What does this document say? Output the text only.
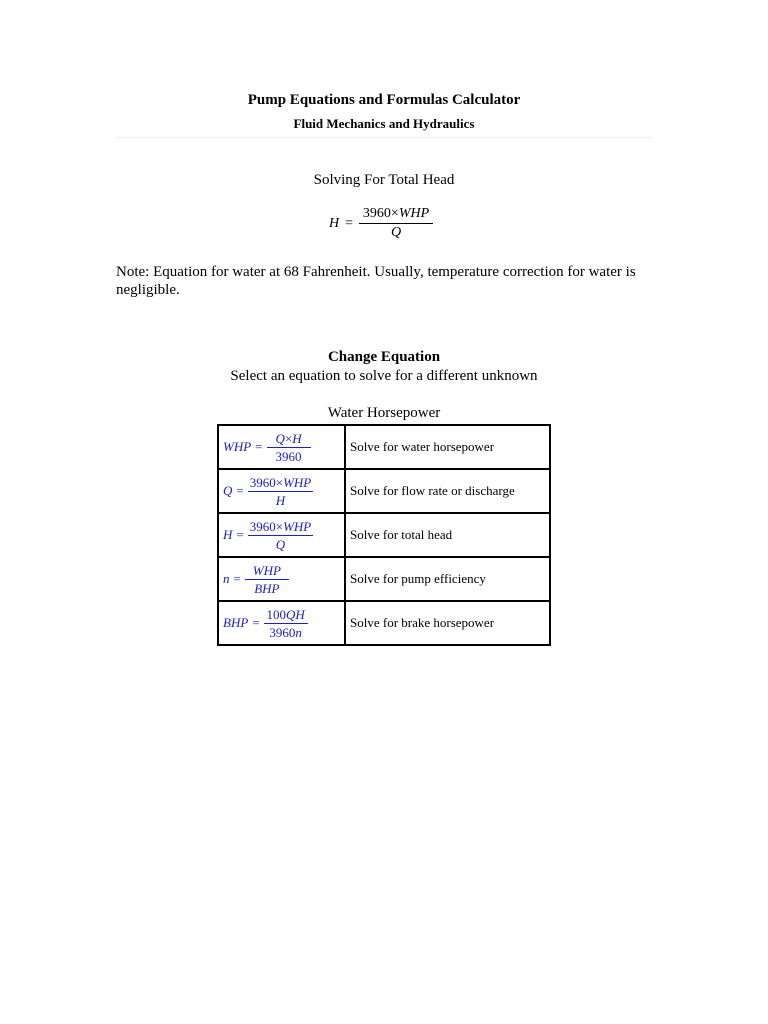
Pump Equations and Formulas Calculator
Fluid Mechanics and Hydraulics
Solving For Total Head
$H = \frac{\text{3960×WHP}}{Q}$
Note: Equation for water at 68 Fahrenheit. Usually, temperature correction for water is negligible.
Change Equation
Select an equation to solve for a different unknown
Water Horsepower
WHP = $\frac{Q\times H}{3960}$	Solve for water horsepower

$Q = \frac{\text{3960×WHP}}{H}$	Solve for flow rate or discharge

$H = \frac{\text{3960×WHP}}{Q}$	Solve for total head

$n = \frac{\text{WHP}}{\text{BHP}}$	Solve for pump efficiency

BHP = $\frac{100QH}{3960n}$	Solve for brake horsepower
